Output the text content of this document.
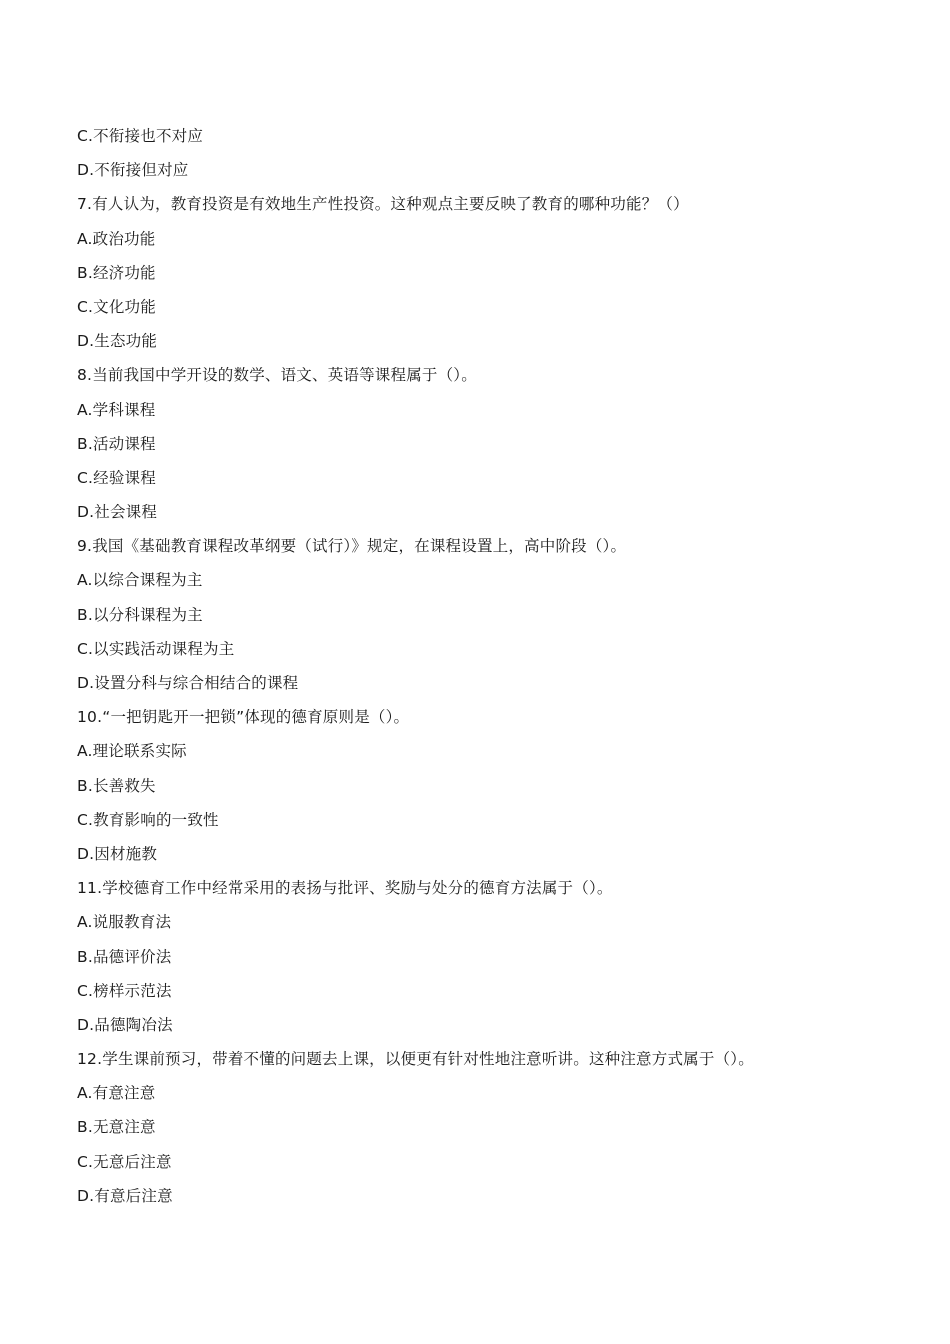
C.不衔接也不对应
D.不衔接但对应
7.有人认为，教育投资是有效地生产性投资。这种观点主要反映了教育的哪种功能？（）
A.政治功能
B.经济功能
C.文化功能
D.生态功能
8.当前我国中学开设的数学、语文、英语等课程属于（）。
A.学科课程
B.活动课程
C.经验课程
D.社会课程
9.我国《基础教育课程改革纲要（试行）》规定，在课程设置上，高中阶段（）。
A.以综合课程为主
B.以分科课程为主
C.以实践活动课程为主
D.设置分科与综合相结合的课程
10.“一把钥匙开一把锁”体现的德育原则是（）。
A.理论联系实际
B.长善救失
C.教育影响的一致性
D.因材施教
11.学校德育工作中经常采用的表扬与批评、奖励与处分的德育方法属于（）。
A.说服教育法
B.品德评价法
C.榜样示范法
D.品德陶冶法
12.学生课前预习，带着不懂的问题去上课，以便更有针对性地注意听讲。这种注意方式属于（）。
A.有意注意
B.无意注意
C.无意后注意
D.有意后注意
